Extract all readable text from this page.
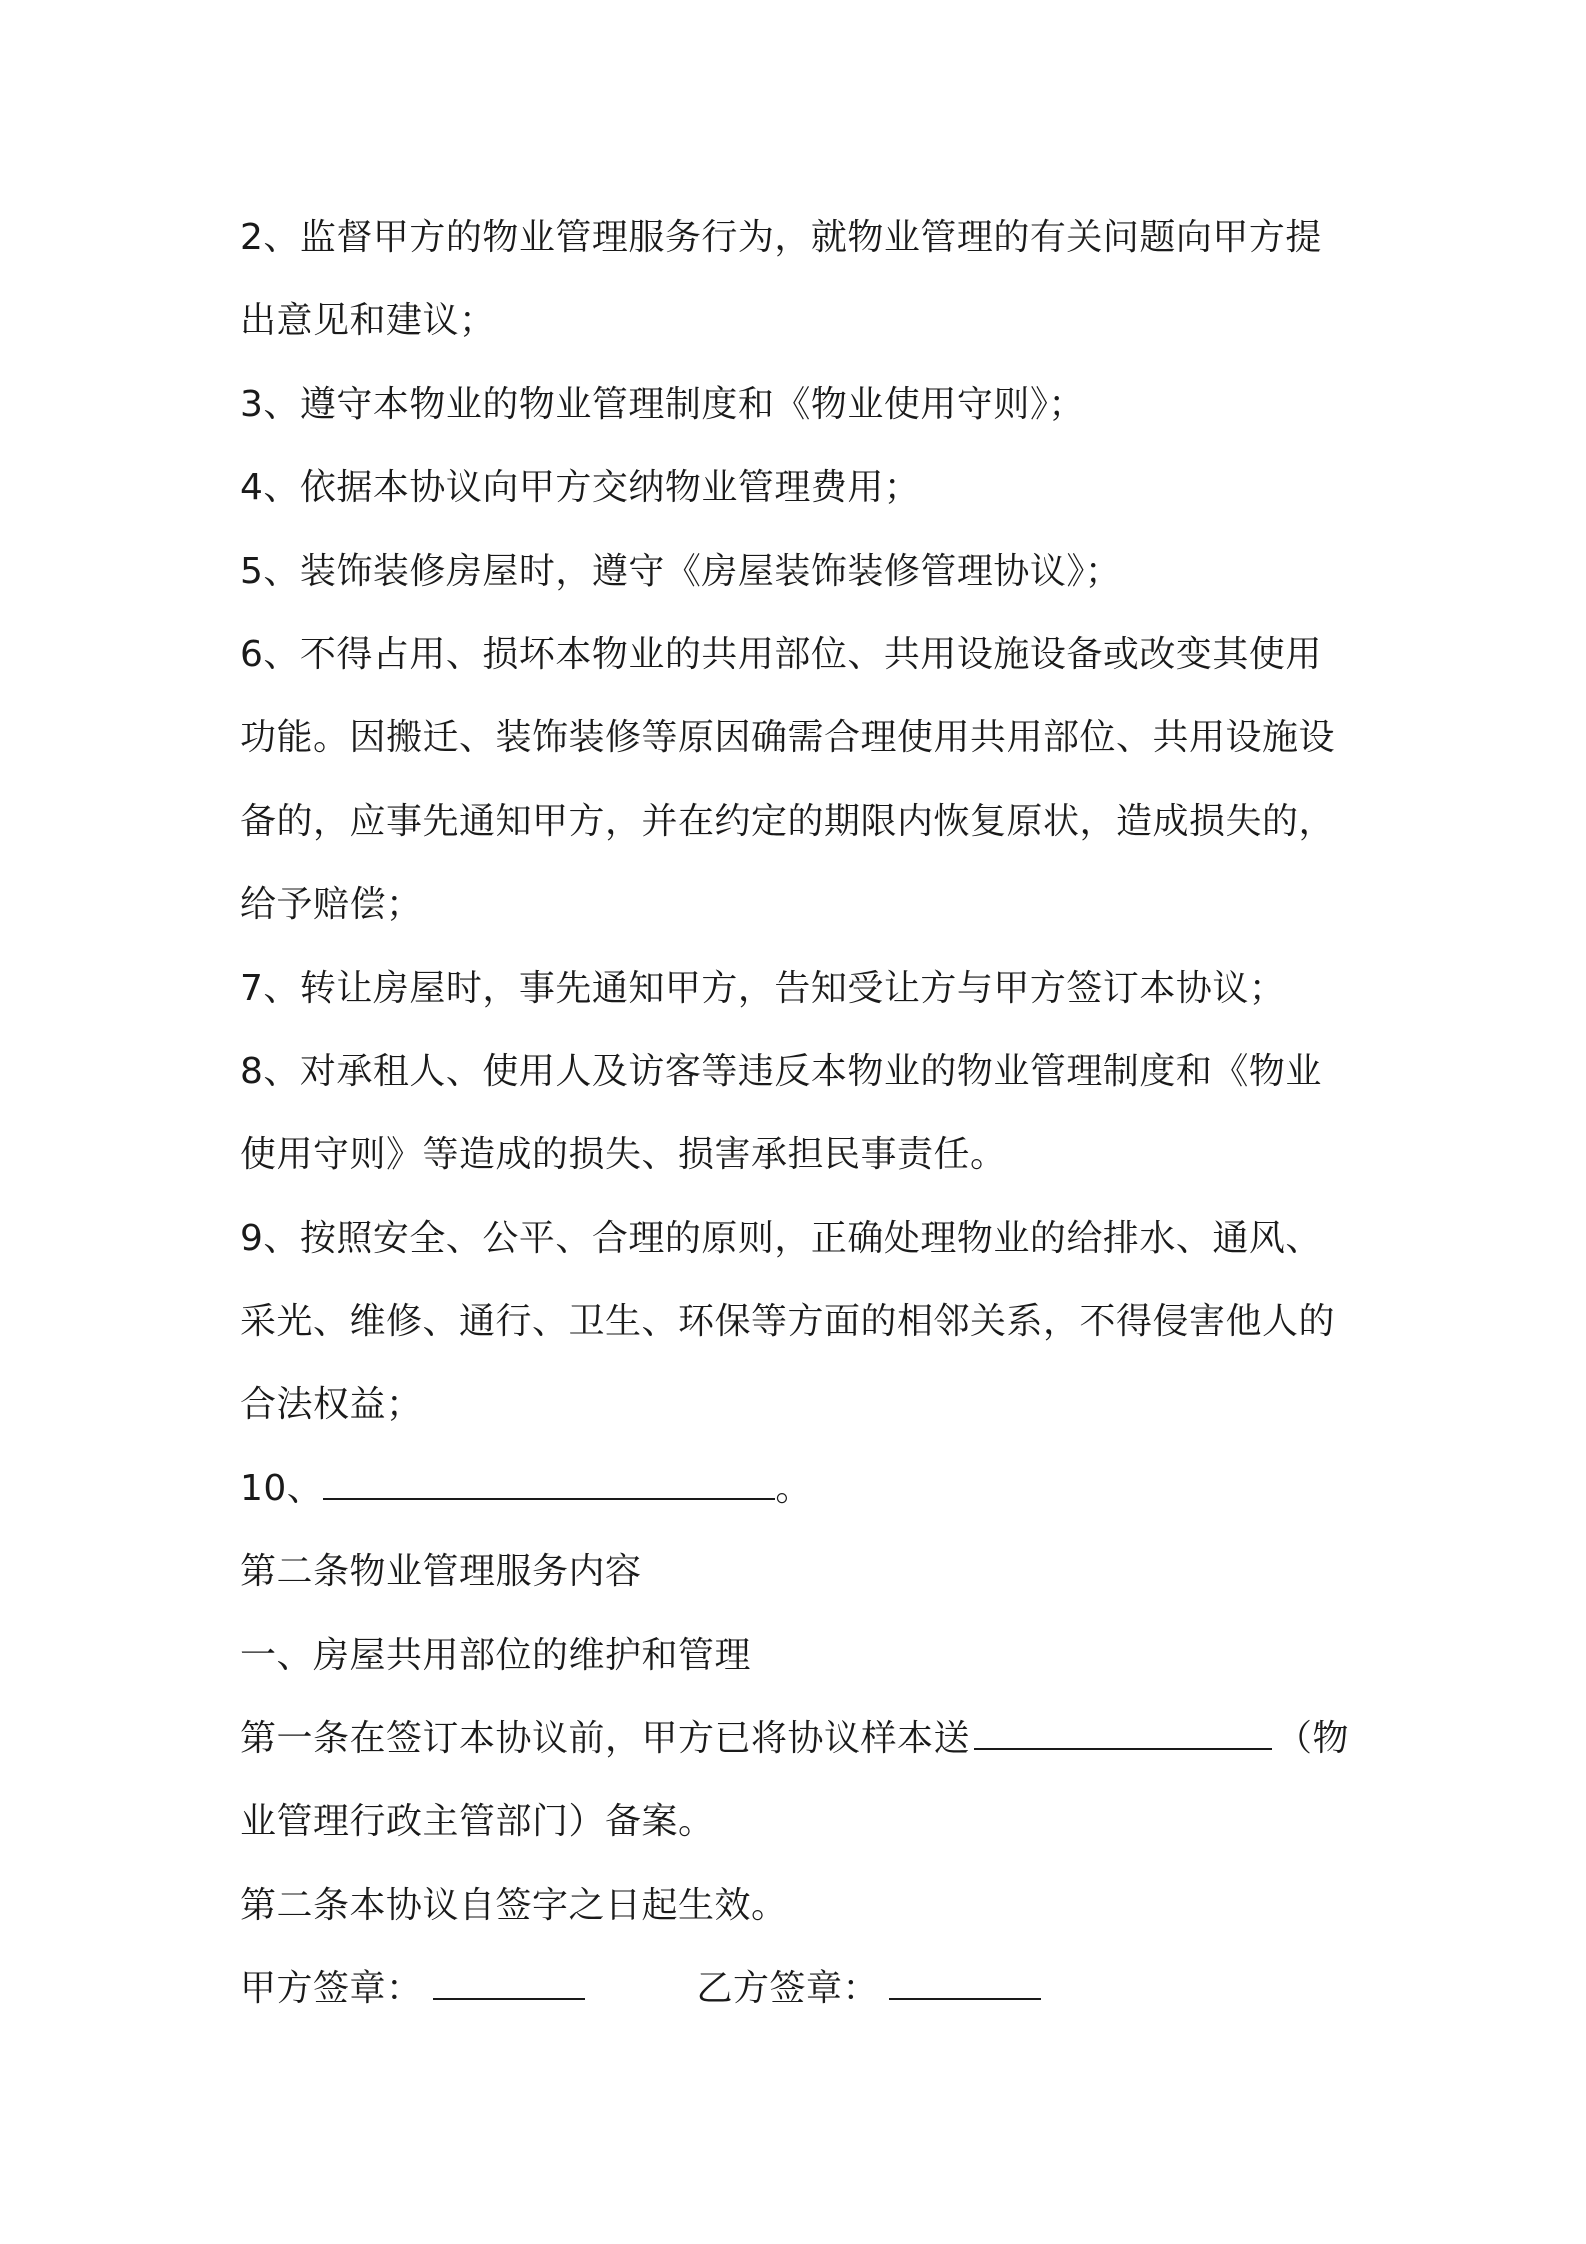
2、监督甲方的物业管理服务行为，就物业管理的有关问题向甲方提
出意见和建议；
3、遵守本物业的物业管理制度和《物业使用守则》；
4、依据本协议向甲方交纳物业管理费用；
5、装饰装修房屋时，遵守《房屋装饰装修管理协议》；
6、不得占用、损坏本物业的共用部位、共用设施设备或改变其使用
功能。因搬迁、装饰装修等原因确需合理使用共用部位、共用设施设
备的，应事先通知甲方，并在约定的期限内恢复原状，造成损失的，
给予赔偿；
7、转让房屋时，事先通知甲方，告知受让方与甲方签订本协议；
8、对承租人、使用人及访客等违反本物业的物业管理制度和《物业
使用守则》等造成的损失、损害承担民事责任。
9、按照安全、公平、合理的原则，正确处理物业的给排水、通风、
采光、维修、通行、卫生、环保等方面的相邻关系，不得侵害他人的
合法权益；
10、	。
第二条物业管理服务内容
一、房屋共用部位的维护和管理
第一条在签订本协议前，甲方已将协议样本送	（物
业管理行政主管部门）备案。
第二条本协议自签字之日起生效。
甲方签章：	乙方签章：
